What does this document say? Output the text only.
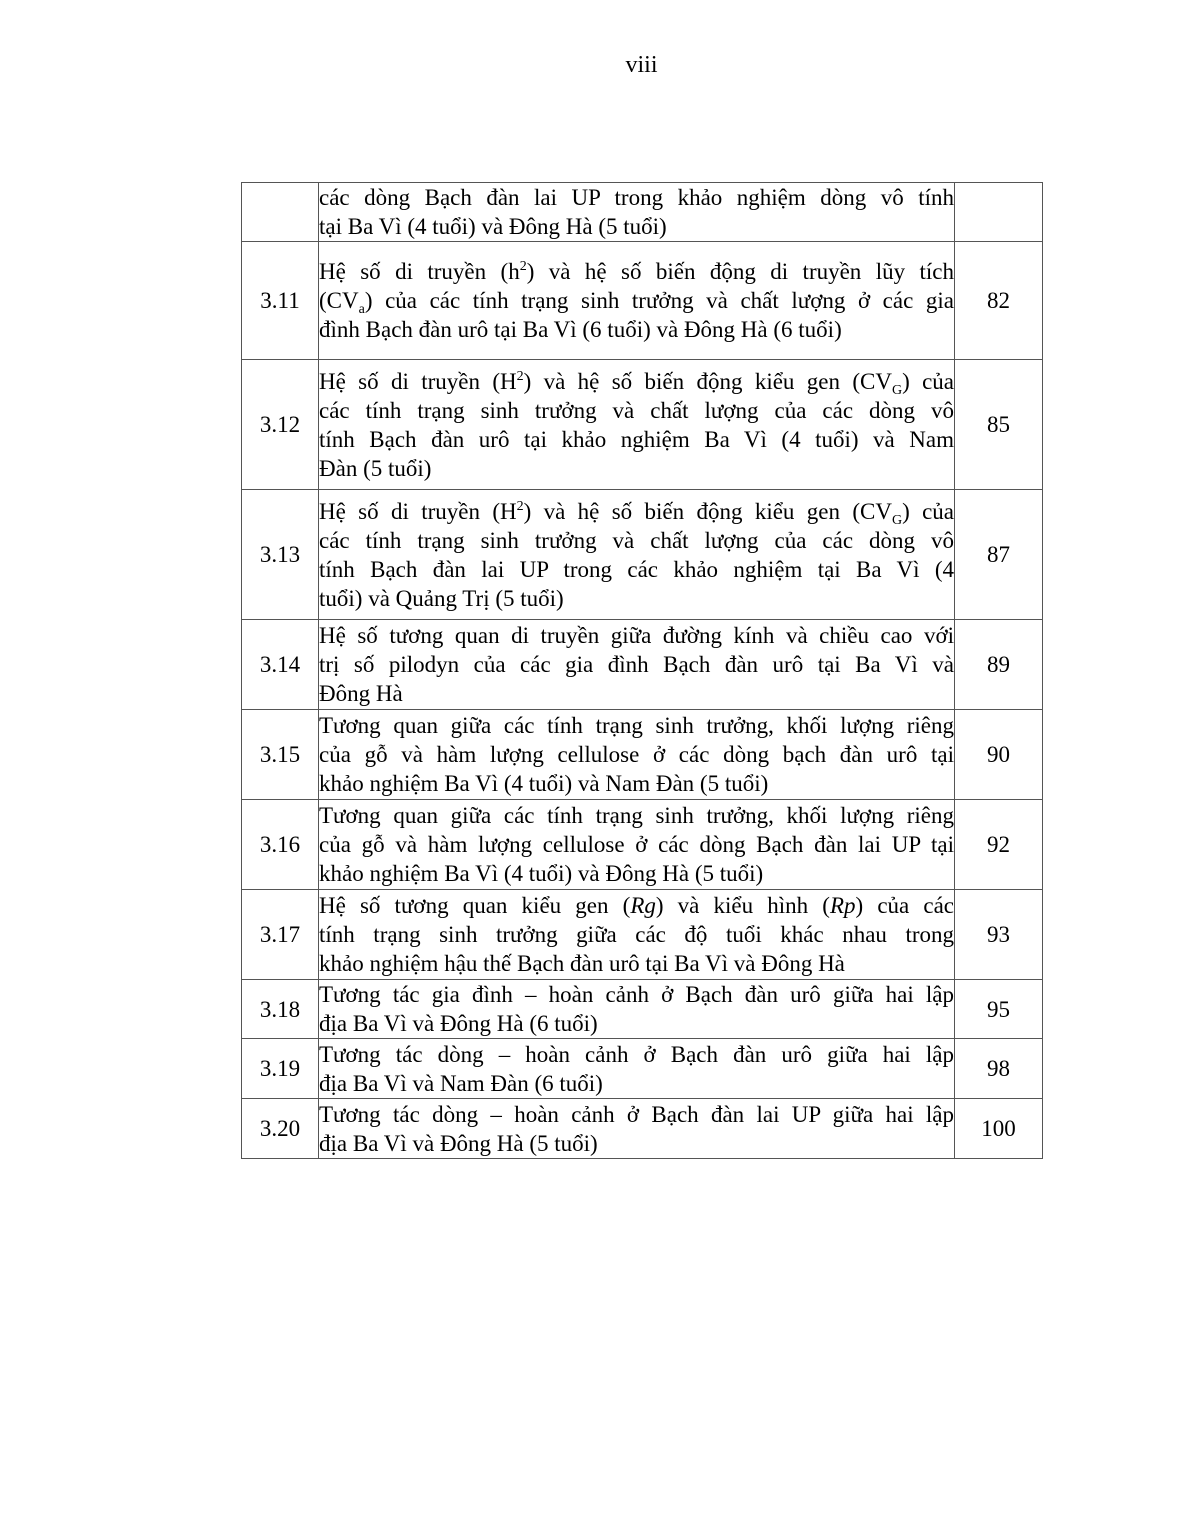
viii

	các dòng Bạch đàn lai UP trong khảo nghiệm dòng vô tính
tại Ba Vì (4 tuổi) và Đông Hà (5 tuổi)	

3.11	Hệ số di truyền $(h^2)$ và hệ số biến động di truyền lũy tích
$(CV_a)$ của các tính trạng sinh trưởng và chất lượng ở các gia
đình Bạch đàn urô tại Ba Vì (6 tuổi) và Đông Hà (6 tuổi)	82
3.12	Hệ số di truyền $(H^2)$ và hệ số biến động kiểu gen $(CV_G)$ của
các tính trạng sinh trưởng và chất lượng của các dòng vô
tính Bạch đàn urô tại khảo nghiệm Ba Vì (4 tuổi) và Nam
Đàn (5 tuổi)	85
3.13	Hệ số di truyền $(H^2)$ và hệ số biến động kiểu gen $(CV_G)$ của
các tính trạng sinh trưởng và chất lượng của các dòng vô
tính Bạch đàn lai UP trong các khảo nghiệm tại Ba Vì (4
tuổi) và Quảng Trị (5 tuổi)	87
3.14	Hệ số tương quan di truyền giữa đường kính và chiều cao với
trị số pilodyn của các gia đình Bạch đàn urô tại Ba Vì và
Đông Hà	89
3.15	Tương quan giữa các tính trạng sinh trưởng, khối lượng riêng
của gỗ và hàm lượng cellulose ở các dòng bạch đàn urô tại
khảo nghiệm Ba Vì (4 tuổi) và Nam Đàn (5 tuổi)	90
3.16	Tương quan giữa các tính trạng sinh trưởng, khối lượng riêng
của gỗ và hàm lượng cellulose ở các dòng Bạch đàn lai UP tại
khảo nghiệm Ba Vì (4 tuổi) và Đông Hà (5 tuổi)	92
3.17	Hệ số tương quan kiểu gen (Rg) và kiểu hình (Rp) của các
tính trạng sinh trưởng giữa các độ tuổi khác nhau trong
khảo nghiệm hậu thế Bạch đàn urô tại Ba Vì và Đông Hà	93
3.18	Tương tác gia đình – hoàn cảnh ở Bạch đàn urô giữa hai lập
địa Ba Vì và Đông Hà (6 tuổi)	95
3.19	Tương tác dòng – hoàn cảnh ở Bạch đàn urô giữa hai lập
địa Ba Vì và Nam Đàn (6 tuổi)	98
3.20	Tương tác dòng – hoàn cảnh ở Bạch đàn lai UP giữa hai lập
địa Ba Vì và Đông Hà (5 tuổi)	100
